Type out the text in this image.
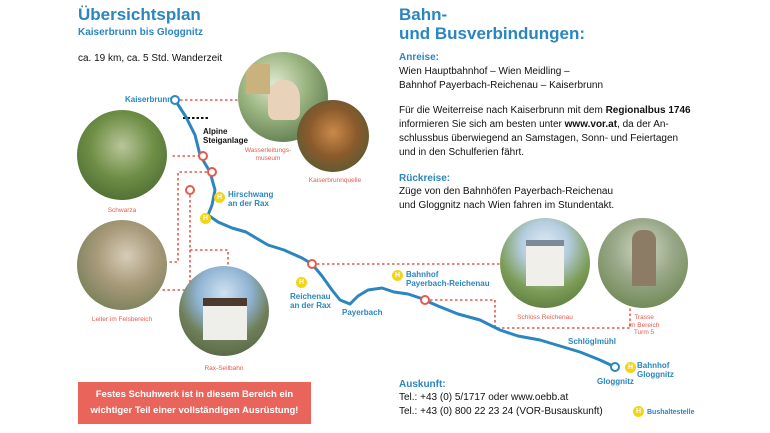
Übersichtsplan
Kaiserbrunn bis Gloggnitz
ca. 19 km, ca. 5 Std. Wanderzeit
Bahn-
und Busverbindungen:
Anreise:
Wien Hauptbahnhof – Wien Meidling –
Bahnhof Payerbach-Reichenau – Kaiserbrunn
Für die Weiterreise nach Kaiserbrunn mit dem Regionalbus 1746
informieren Sie sich am besten unter www.vor.at, da der An-
schlussbus überwiegend an Samstagen, Sonn- und Feiertagen
und in den Schulferien fährt.
Rückreise:
Züge von den Bahnhöfen Payerbach-Reichenau
und Gloggnitz nach Wien fahren im Stundentakt.
Auskunft:
Tel.: +43 (0) 5/1717 oder www.oebb.at
Tel.: +43 (0) 800 22 23 24 (VOR-Busauskunft)
Kaiserbrunn
Alpine
Steiganlage
Hirschwang
an der Rax
Reichenau
an der Rax
Payerbach
Bahnhof
Payerbach-Reichenau
Schlöglmühl
Bahnhof
Gloggnitz
Gloggnitz
H
H
H
H
H
H Bushaltestelle
Wasserleitungs-
museum
Kaiserbrunnquelle
Schwarza
Leiter im Felsbereich
Rax-Seilbahn
Schloss Reichenau	Trasse
im Bereich
Turm 5
Festes Schuhwerk ist in diesem Bereich ein
wichtiger Teil einer vollständigen Ausrüstung!
